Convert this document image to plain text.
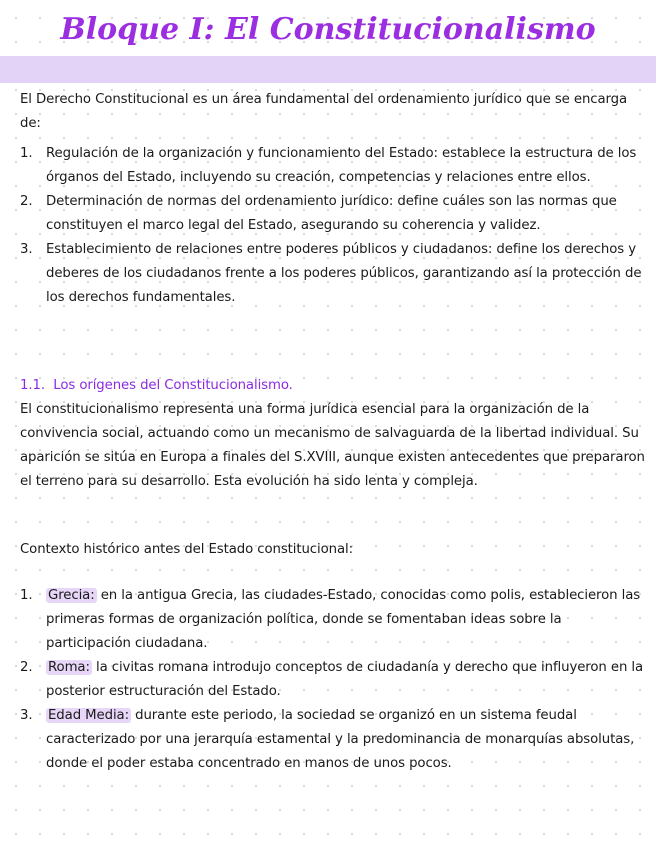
Bloque I: El Constitucionalismo

El Derecho Constitucional es un área fundamental del ordenamiento jurídico que se encarga de:

1. Regulación de la organización y funcionamiento del Estado: establece la estructura de los órganos del Estado, incluyendo su creación, competencias y relaciones entre ellos.
2. Determinación de normas del ordenamiento jurídico: define cuáles son las normas que constituyen el marco legal del Estado, asegurando su coherencia y validez.
3. Establecimiento de relaciones entre poderes públicos y ciudadanos: define los derechos y deberes de los ciudadanos frente a los poderes públicos, garantizando así la protección de los derechos fundamentales.

1.1. Los orígenes del Constitucionalismo.

El constitucionalismo representa una forma jurídica esencial para la organización de la convivencia social, actuando como un mecanismo de salvaguarda de la libertad individual. Su aparición se sitúa en Europa a finales del S.XVIII, aunque existen antecedentes que prepararon el terreno para su desarrollo. Esta evolución ha sido lenta y compleja.

Contexto histórico antes del Estado constitucional:

1. Grecia: en la antigua Grecia, las ciudades-Estado, conocidas como polis, establecieron las primeras formas de organización política, donde se fomentaban ideas sobre la participación ciudadana.
2. Roma: la civitas romana introdujo conceptos de ciudadanía y derecho que influyeron en la posterior estructuración del Estado.
3. Edad Media: durante este periodo, la sociedad se organizó en un sistema feudal caracterizado por una jerarquía estamental y la predominancia de monarquías absolutas, donde el poder estaba concentrado en manos de unos pocos.
